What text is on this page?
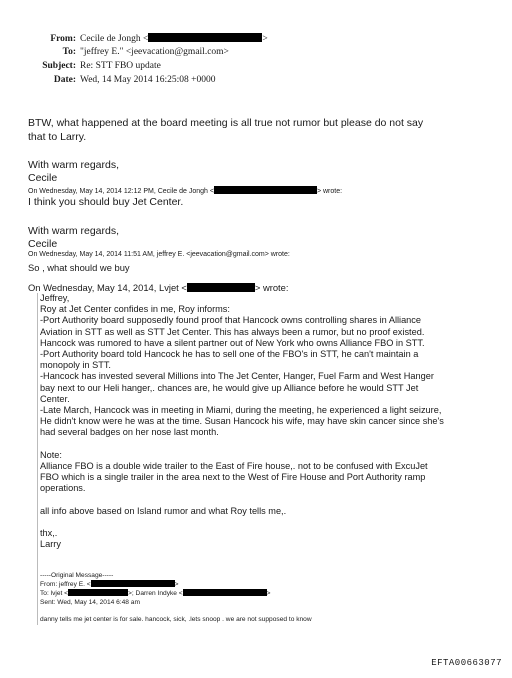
From: Cecile de Jongh <	>
To: "jeffrey E." <jeevacation@gmail.com>
Subject: Re: STT FBO update
Date: Wed, 14 May 2014 16:25:08 +0000
BTW, what happened at the board meeting is all true not rumor but please do not say
that to Larry.
With warm regards,
Cecile
On Wednesday, May 14, 2014 12:12 PM, Cecile de Jongh <	> wrote:
I think you should buy Jet Center.
With warm regards,
Cecile
On Wednesday, May 14, 2014 11:51 AM, jeffrey E. <jeevacation@gmail.com> wrote:
So , what should we buy
On Wednesday, May 14, 2014, Lvjet <	> wrote:
Jeffrey,
Roy at Jet Center confides in me, Roy informs:
-Port Authority board supposedly found proof that Hancock owns controlling shares in Alliance
Aviation in STT as well as STT Jet Center. This has always been a rumor, but no proof existed.
Hancock was rumored to have a silent partner out of New York who owns Alliance FBO in STT.
-Port Authority board told Hancock he has to sell one of the FBO's in STT, he can't maintain a
monopoly in STT.
-Hancock has invested several Millions into The Jet Center, Hanger, Fuel Farm and West Hanger
bay next to our Heli hanger,. chances are, he would give up Alliance before he would STT Jet
Center.
-Late March, Hancock was in meeting in Miami, during the meeting, he experienced a light seizure,
He didn't know were he was at the time. Susan Hancock his wife, may have skin cancer since she's
had several badges on her nose last month.
Note:
Alliance FBO is a double wide trailer to the East of Fire house,. not to be confused with ExcuJet
FBO which is a single trailer in the area next to the West of Fire House and Port Authority ramp
operations.
all info above based on Island rumor and what Roy tells me,.
thx,.
Larry
-----Original Message-----
From: jeffrey E. <	>
To: lvjet <	>; Darren Indyke <	>
Sent: Wed, May 14, 2014 6:48 am
danny tells me jet center is for sale. hancock, sick, .lets snoop . we are not supposed to know
EFTA00663077
